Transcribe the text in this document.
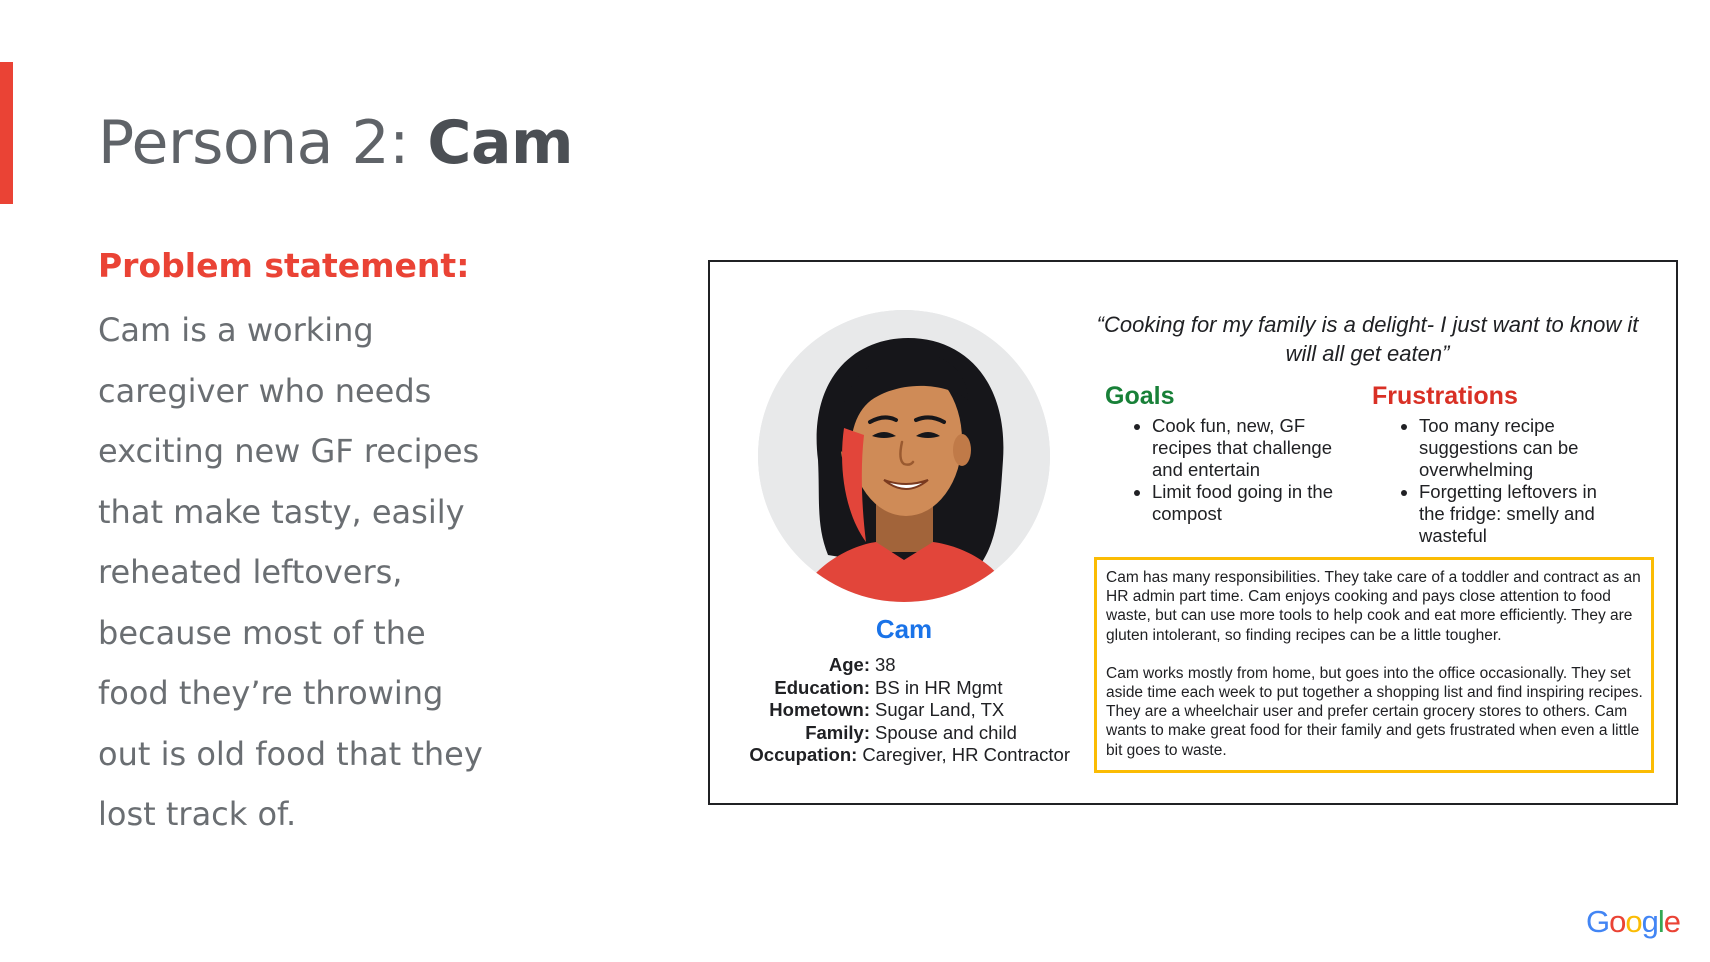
Persona 2: Cam
Problem statement:
Cam is a working
caregiver who needs
exciting new GF recipes
that make tasty, easily
reheated leftovers,
because most of the
food they’re throwing
out is old food that they
lost track of.
Cam
Age: 38
Education: BS in HR Mgmt
Hometown: Sugar Land, TX
Family: Spouse and child
Occupation: Caregiver, HR Contractor
“Cooking for my family is a delight- I just want to know it will all get eaten”
Goals
• Cook fun, new, GF recipes that challenge and entertain
• Limit food going in the compost
Frustrations
• Too many recipe suggestions can be overwhelming
• Forgetting leftovers in the fridge: smelly and wasteful

Cam has many responsibilities. They take care of a toddler and contract as an HR admin part time. Cam enjoys cooking and pays close attention to food waste, but can use more tools to help cook and eat more efficiently. They are gluten intolerant, so finding recipes can be a little tougher.

Cam works mostly from home, but goes into the office occasionally. They set aside time each week to put together a shopping list and find inspiring recipes. They are a wheelchair user and prefer certain grocery stores to others. Cam wants to make great food for their family and gets frustrated when even a little bit goes to waste.

Google
